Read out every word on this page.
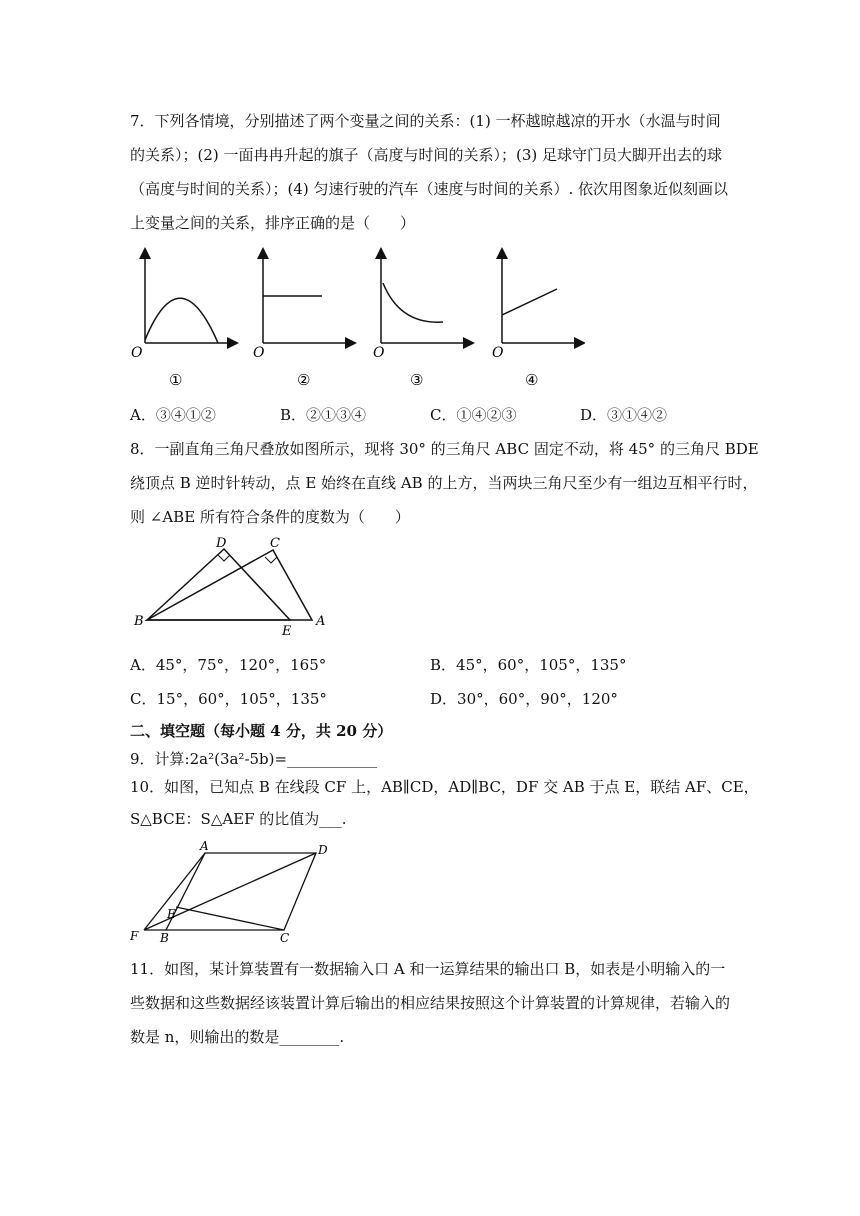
7．下列各情境，分别描述了两个变量之间的关系：(1) 一杯越晾越凉的开水（水温与时间
的关系）；(2) 一面冉冉升起的旗子（高度与时间的关系）；(3) 足球守门员大脚开出去的球
（高度与时间的关系）；(4) 匀速行驶的汽车（速度与时间的关系）. 依次用图象近似刻画以
上变量之间的关系，排序正确的是（　　）
O
①
O
②
O
③
O
④
A．③④①②	B．②①③④	C．①④②③	D．③①④②
8．一副直角三角尺叠放如图所示，现将 30° 的三角尺 ABC 固定不动，将 45° 的三角尺 BDE
绕顶点 B 逆时针转动，点 E 始终在直线 AB 的上方，当两块三角尺至少有一组边互相平行时，
则 ∠ABE 所有符合条件的度数为（　　）
D	C
B
E
A
A．45°，75°，120°，165°	B．45°，60°，105°，135°
C．15°，60°，105°，135°	D．30°，60°，90°，120°
二、填空题（每小题 4 分，共 20 分）
9．计算:2a²(3a²-5b)=____________
10．如图，已知点 B 在线段 CF 上，AB∥CD，AD∥BC，DF 交 AB 于点 E，联结 AF、CE，
S△BCE：S△AEF 的比值为___.
A	D
E
F B	C
11．如图，某计算装置有一数据输入口 A 和一运算结果的输出口 B，如表是小明输入的一
些数据和这些数据经该装置计算后输出的相应结果按照这个计算装置的计算规律，若输入的
数是 n，则输出的数是________.
